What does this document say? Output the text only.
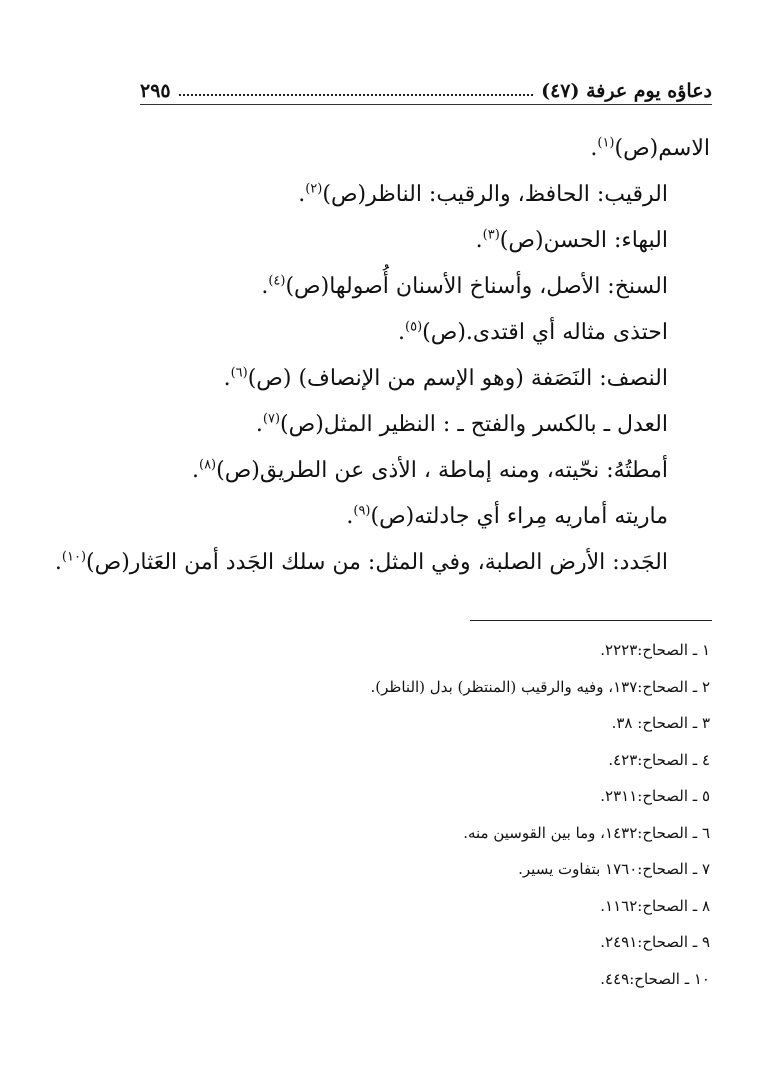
دعاؤه يوم عرفة (٤٧)
٢٩٥
الاسم(ص)$^{(١)}$.
الرقيب: الحافظ، والرقيب: الناظر(ص)$^{(٢)}$.
البهاء: الحسن(ص)$^{(٣)}$.
السنخ: الأصل، وأسناخ الأسنان أُصولها(ص)$^{(٤)}$.
احتذى مثاله أي اقتدى.(ص)$^{(٥)}$.
النصف: النَصَفة (وهو الإسم من الإنصاف) (ص)$^{(٦)}$.
العدل ـ بالكسر والفتح ـ : النظير المثل(ص)$^{(٧)}$.
أمطتُهُ: نحّيته، ومنه إماطة ، الأذى عن الطريق(ص)$^{(٨)}$.
ماريته أماريه مِراء أي جادلته(ص)$^{(٩)}$.
الجَدد: الأرض الصلبة، وفي المثل: من سلك الجَدد أمن العَثار(ص)$^{(١٠)}$.
١ ـ الصحاح:٢٢٢٣.
٢ ـ الصحاح:١٣٧، وفيه والرقيب (المنتظر) بدل (الناظر).
٣ ـ الصحاح: ٣٨.
٤ ـ الصحاح:٤٢٣.
٥ ـ الصحاح:٢٣١١.
٦ ـ الصحاح:١٤٣٢، وما بين القوسين منه.
٧ ـ الصحاح:١٧٦٠ بتفاوت يسير.
٨ ـ الصحاح:١١٦٢.
٩ ـ الصحاح:٢٤٩١.
١٠ ـ الصحاح:٤٤٩.
